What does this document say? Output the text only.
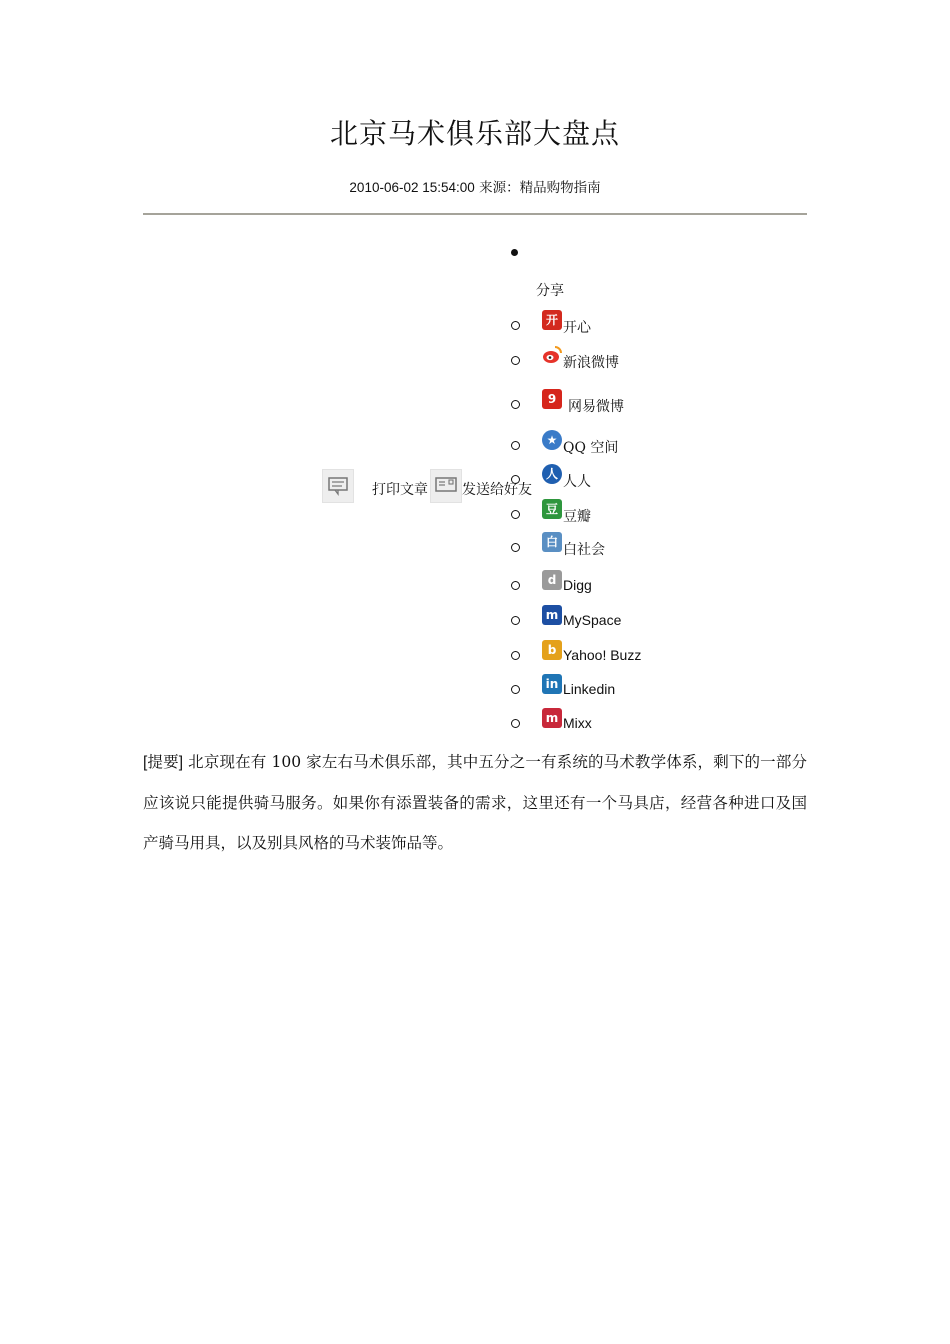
北京马术俱乐部大盘点
2010-06-02 15:54:00 来源：精品购物指南
分享
打印文章 发送给好友
开 开心
新浪微博
9 网易微博
★ QQ 空间
人 人人
豆 豆瓣
白 白社会
d Digg
m MySpace
b Yahoo! Buzz
in Linkedin
m Mixx

[提要] 北京现在有 100 家左右马术俱乐部，其中五分之一有系统的马术教学体系，剩下的一部分应该说只能提供骑马服务。如果你有添置装备的需求，这里还有一个马具店，经营各种进口及国产骑马用具，以及别具风格的马术装饰品等。
